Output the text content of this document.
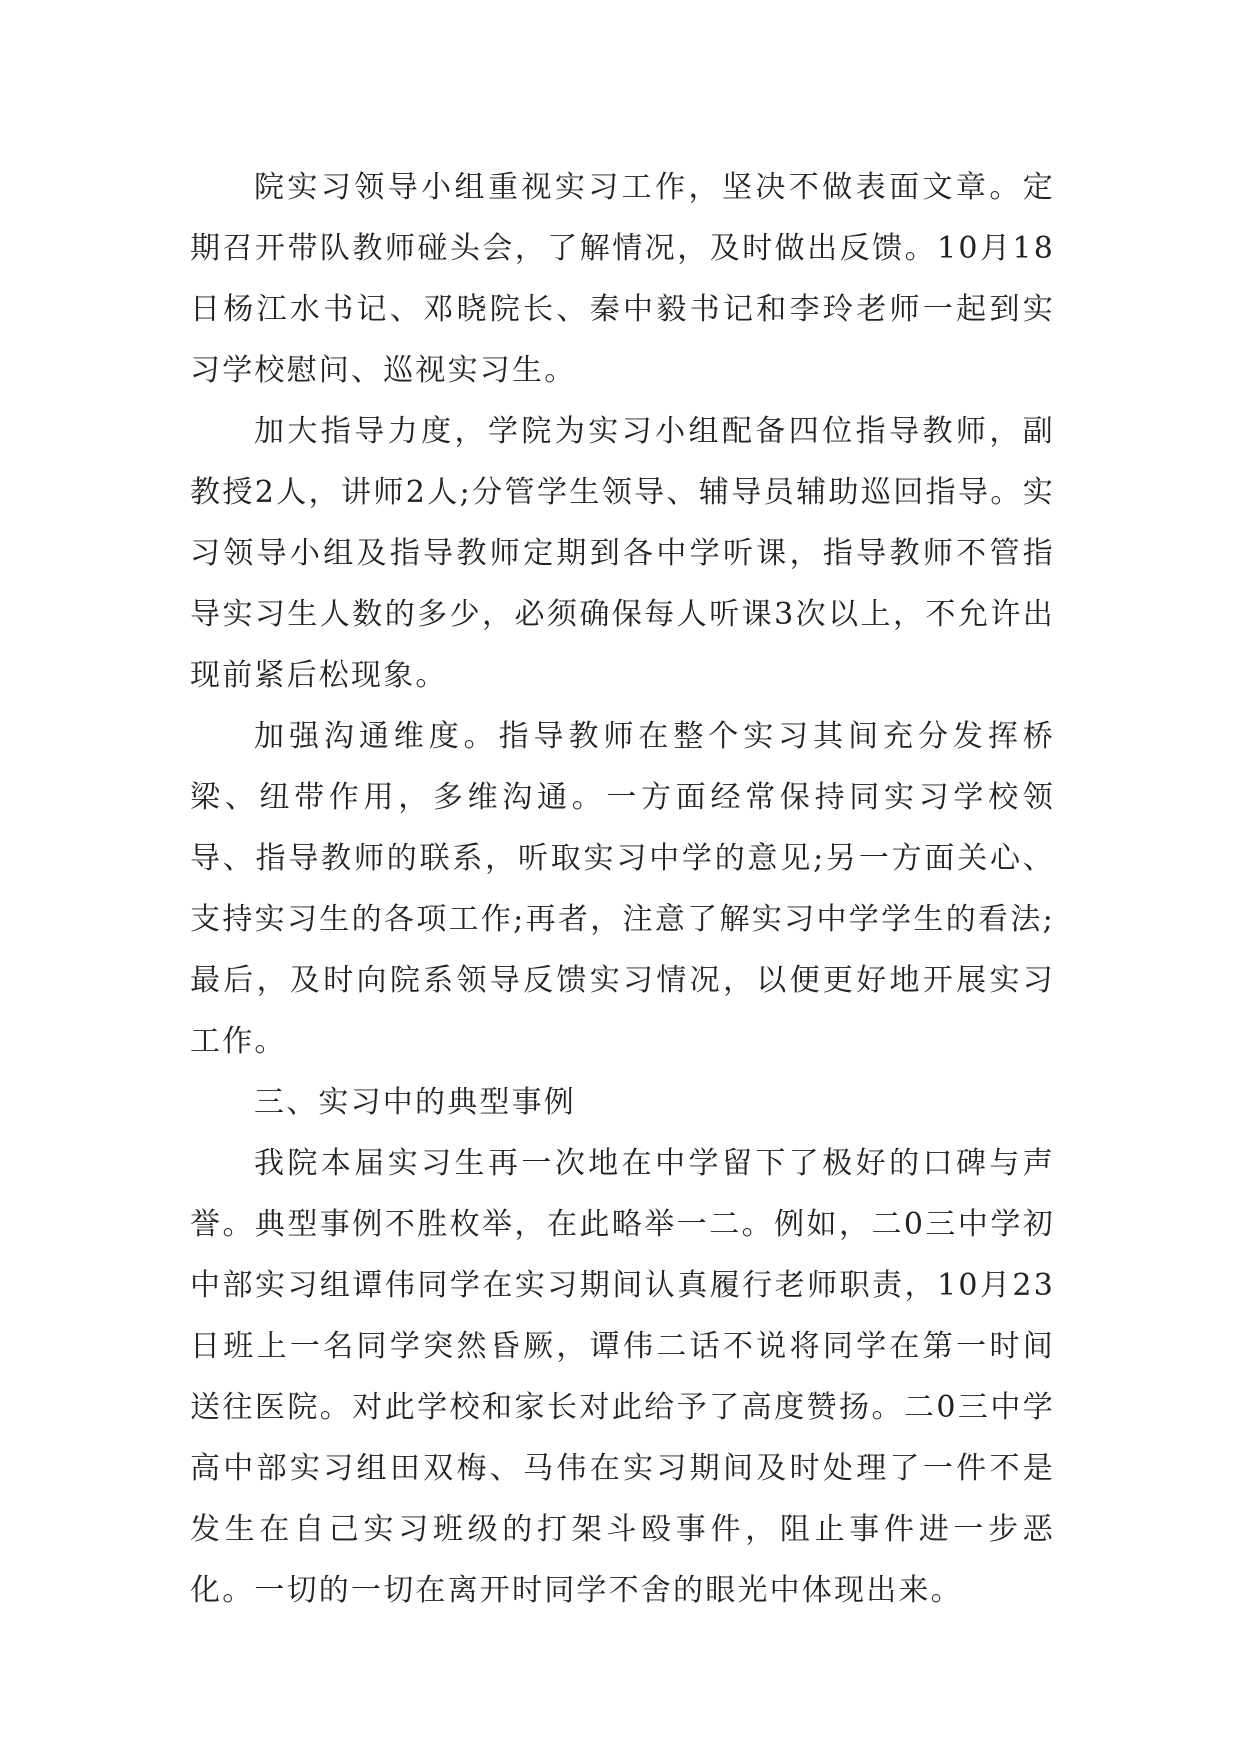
院实习领导小组重视实习工作，坚决不做表面文章。定期召开带队教师碰头会，了解情况，及时做出反馈。10月18日杨江水书记、邓晓院长、秦中毅书记和李玲老师一起到实习学校慰问、巡视实习生。

加大指导力度，学院为实习小组配备四位指导教师，副教授2人，讲师2人;分管学生领导、辅导员辅助巡回指导。实习领导小组及指导教师定期到各中学听课，指导教师不管指导实习生人数的多少，必须确保每人听课3次以上，不允许出现前紧后松现象。

加强沟通维度。指导教师在整个实习其间充分发挥桥梁、纽带作用，多维沟通。一方面经常保持同实习学校领导、指导教师的联系，听取实习中学的意见;另一方面关心、支持实习生的各项工作;再者，注意了解实习中学学生的看法;最后，及时向院系领导反馈实习情况，以便更好地开展实习工作。

三、实习中的典型事例

我院本届实习生再一次地在中学留下了极好的口碑与声誉。典型事例不胜枚举，在此略举一二。例如，二0三中学初中部实习组谭伟同学在实习期间认真履行老师职责，10月23日班上一名同学突然昏厥，谭伟二话不说将同学在第一时间送往医院。对此学校和家长对此给予了高度赞扬。二0三中学高中部实习组田双梅、马伟在实习期间及时处理了一件不是发生在自己实习班级的打架斗殴事件，阻止事件进一步恶化。一切的一切在离开时同学不舍的眼光中体现出来。
